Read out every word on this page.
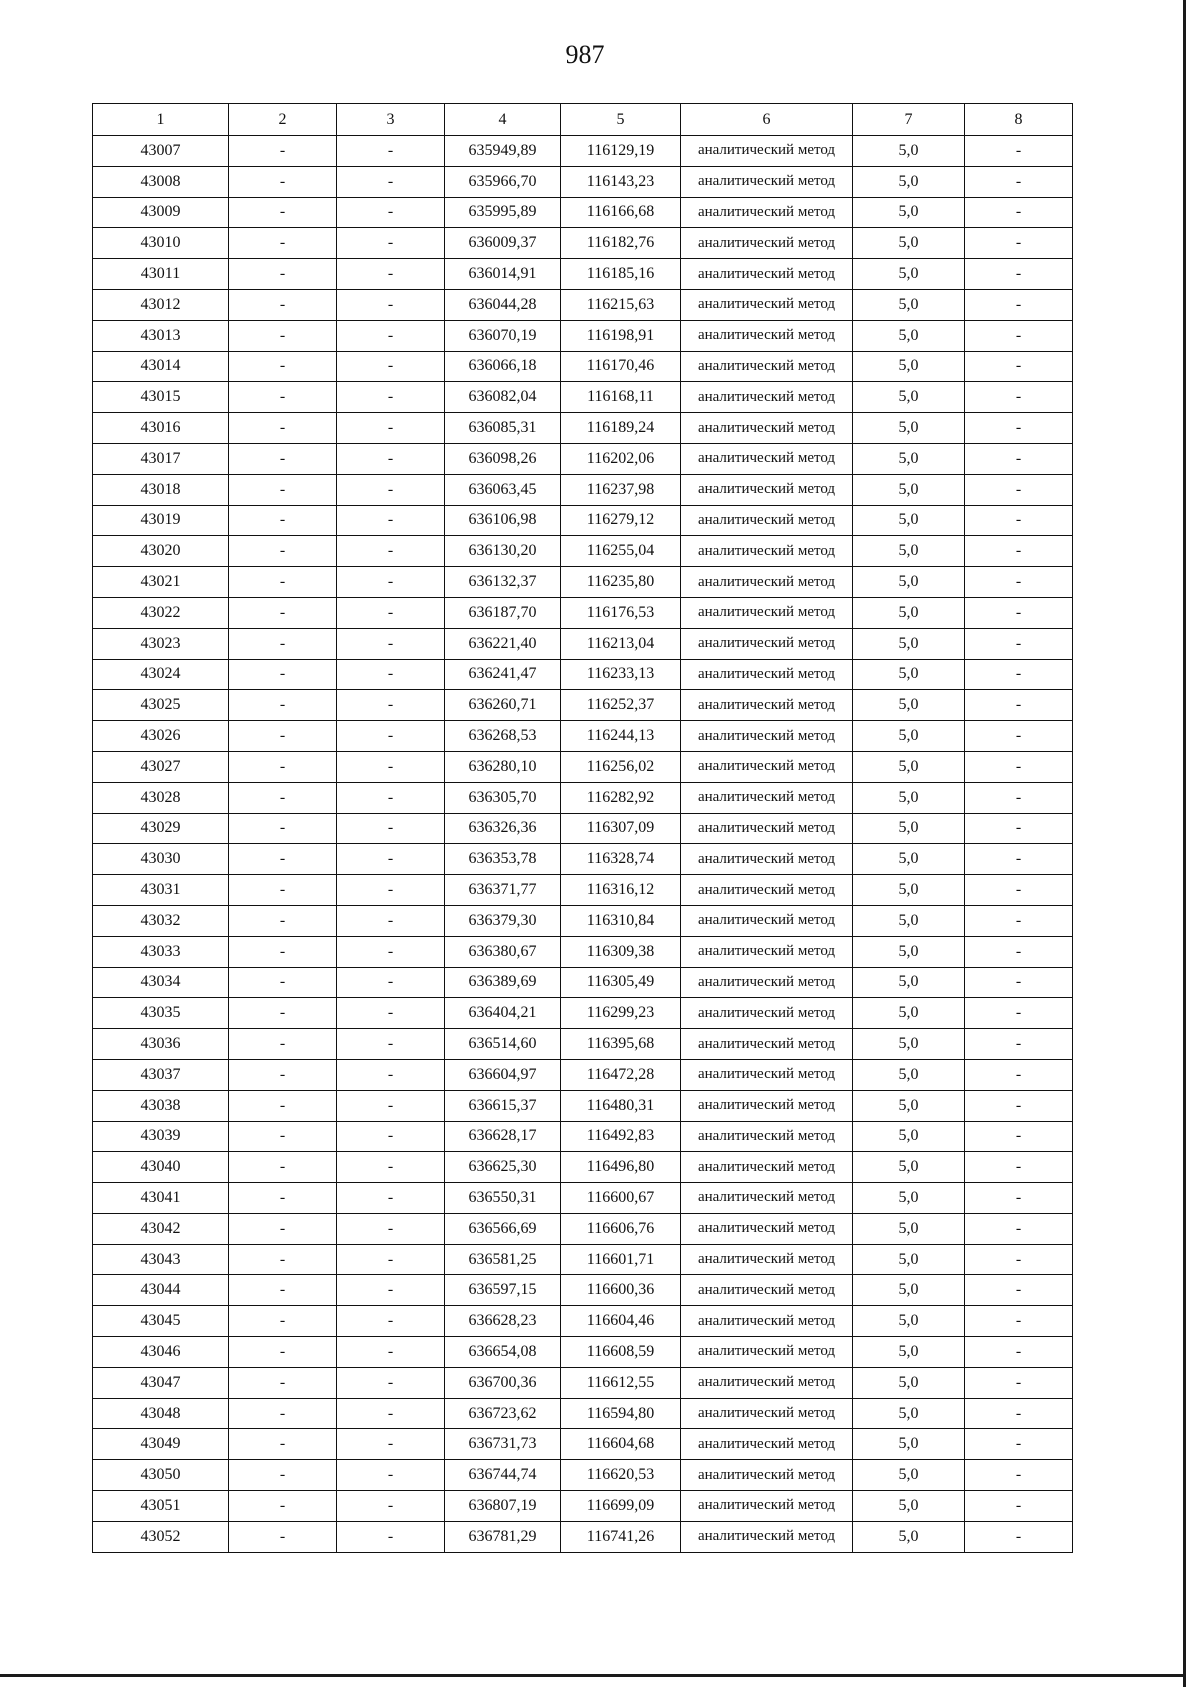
987
1	2	3	4	5	6	7	8
43007	-	-	635949,89	116129,19	аналитический метод	5,0	-
43008	-	-	635966,70	116143,23	аналитический метод	5,0	-
43009	-	-	635995,89	116166,68	аналитический метод	5,0	-
43010	-	-	636009,37	116182,76	аналитический метод	5,0	-
43011	-	-	636014,91	116185,16	аналитический метод	5,0	-
43012	-	-	636044,28	116215,63	аналитический метод	5,0	-
43013	-	-	636070,19	116198,91	аналитический метод	5,0	-
43014	-	-	636066,18	116170,46	аналитический метод	5,0	-
43015	-	-	636082,04	116168,11	аналитический метод	5,0	-
43016	-	-	636085,31	116189,24	аналитический метод	5,0	-
43017	-	-	636098,26	116202,06	аналитический метод	5,0	-
43018	-	-	636063,45	116237,98	аналитический метод	5,0	-
43019	-	-	636106,98	116279,12	аналитический метод	5,0	-
43020	-	-	636130,20	116255,04	аналитический метод	5,0	-
43021	-	-	636132,37	116235,80	аналитический метод	5,0	-
43022	-	-	636187,70	116176,53	аналитический метод	5,0	-
43023	-	-	636221,40	116213,04	аналитический метод	5,0	-
43024	-	-	636241,47	116233,13	аналитический метод	5,0	-
43025	-	-	636260,71	116252,37	аналитический метод	5,0	-
43026	-	-	636268,53	116244,13	аналитический метод	5,0	-
43027	-	-	636280,10	116256,02	аналитический метод	5,0	-
43028	-	-	636305,70	116282,92	аналитический метод	5,0	-
43029	-	-	636326,36	116307,09	аналитический метод	5,0	-
43030	-	-	636353,78	116328,74	аналитический метод	5,0	-
43031	-	-	636371,77	116316,12	аналитический метод	5,0	-
43032	-	-	636379,30	116310,84	аналитический метод	5,0	-
43033	-	-	636380,67	116309,38	аналитический метод	5,0	-
43034	-	-	636389,69	116305,49	аналитический метод	5,0	-
43035	-	-	636404,21	116299,23	аналитический метод	5,0	-
43036	-	-	636514,60	116395,68	аналитический метод	5,0	-
43037	-	-	636604,97	116472,28	аналитический метод	5,0	-
43038	-	-	636615,37	116480,31	аналитический метод	5,0	-
43039	-	-	636628,17	116492,83	аналитический метод	5,0	-
43040	-	-	636625,30	116496,80	аналитический метод	5,0	-
43041	-	-	636550,31	116600,67	аналитический метод	5,0	-
43042	-	-	636566,69	116606,76	аналитический метод	5,0	-
43043	-	-	636581,25	116601,71	аналитический метод	5,0	-
43044	-	-	636597,15	116600,36	аналитический метод	5,0	-
43045	-	-	636628,23	116604,46	аналитический метод	5,0	-
43046	-	-	636654,08	116608,59	аналитический метод	5,0	-
43047	-	-	636700,36	116612,55	аналитический метод	5,0	-
43048	-	-	636723,62	116594,80	аналитический метод	5,0	-
43049	-	-	636731,73	116604,68	аналитический метод	5,0	-
43050	-	-	636744,74	116620,53	аналитический метод	5,0	-
43051	-	-	636807,19	116699,09	аналитический метод	5,0	-
43052	-	-	636781,29	116741,26	аналитический метод	5,0	-
